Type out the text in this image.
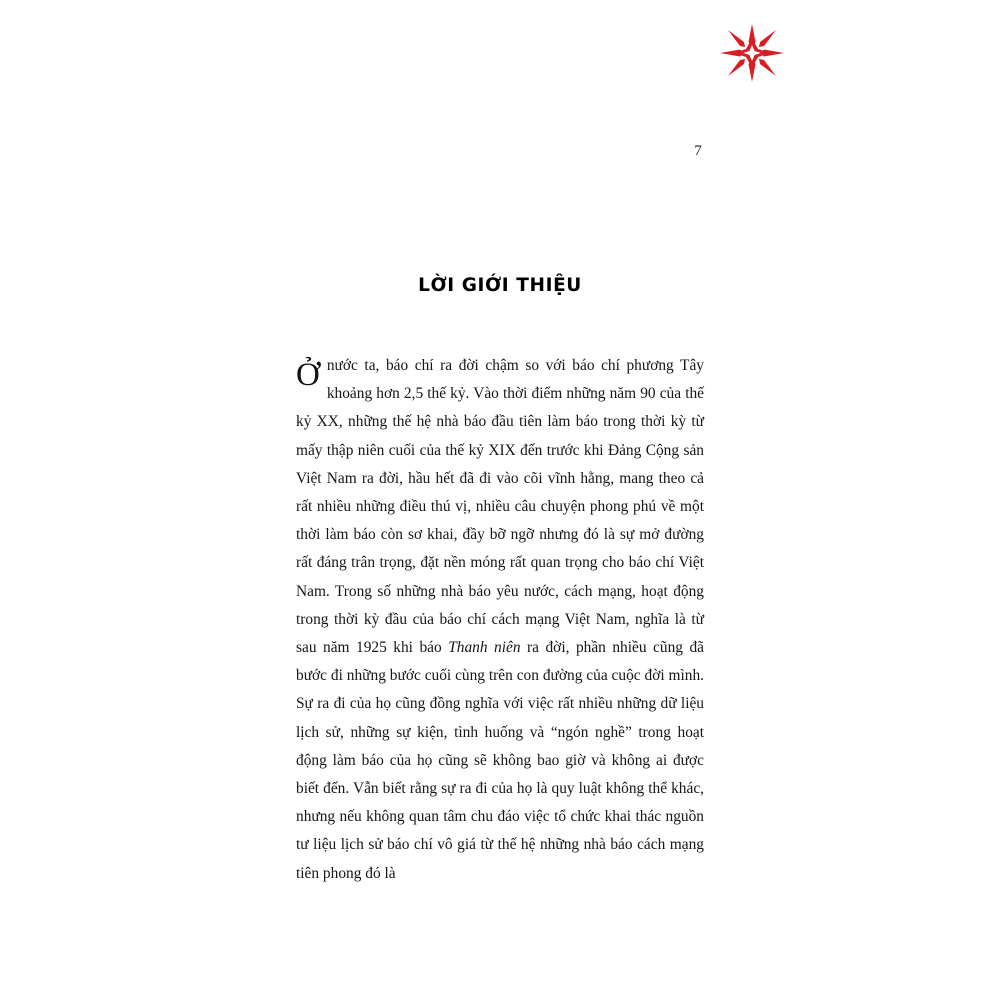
7
LỜI GIỚI THIỆU

Ở nước ta, báo chí ra đời chậm so với báo chí phương Tây khoảng hơn 2,5 thế kỷ. Vào thời điểm những năm 90 của thế kỷ XX, những thế hệ nhà báo đầu tiên làm báo trong thời kỳ từ mấy thập niên cuối của thế kỷ XIX đến trước khi Đảng Cộng sản Việt Nam ra đời, hầu hết đã đi vào cõi vĩnh hằng, mang theo cả rất nhiều những điều thú vị, nhiều câu chuyện phong phú về một thời làm báo còn sơ khai, đầy bỡ ngỡ nhưng đó là sự mở đường rất đáng trân trọng, đặt nền móng rất quan trọng cho báo chí Việt Nam. Trong số những nhà báo yêu nước, cách mạng, hoạt động trong thời kỳ đầu của báo chí cách mạng Việt Nam, nghĩa là từ sau năm 1925 khi báo Thanh niên ra đời, phần nhiều cũng đã bước đi những bước cuối cùng trên con đường của cuộc đời mình. Sự ra đi của họ cũng đồng nghĩa với việc rất nhiều những dữ liệu lịch sử, những sự kiện, tình huống và “ngón nghề” trong hoạt động làm báo của họ cũng sẽ không bao giờ và không ai được biết đến. Vẫn biết rằng sự ra đi của họ là quy luật không thể khác, nhưng nếu không quan tâm chu đáo việc tổ chức khai thác nguồn tư liệu lịch sử báo chí vô giá từ thế hệ những nhà báo cách mạng tiên phong đó là
